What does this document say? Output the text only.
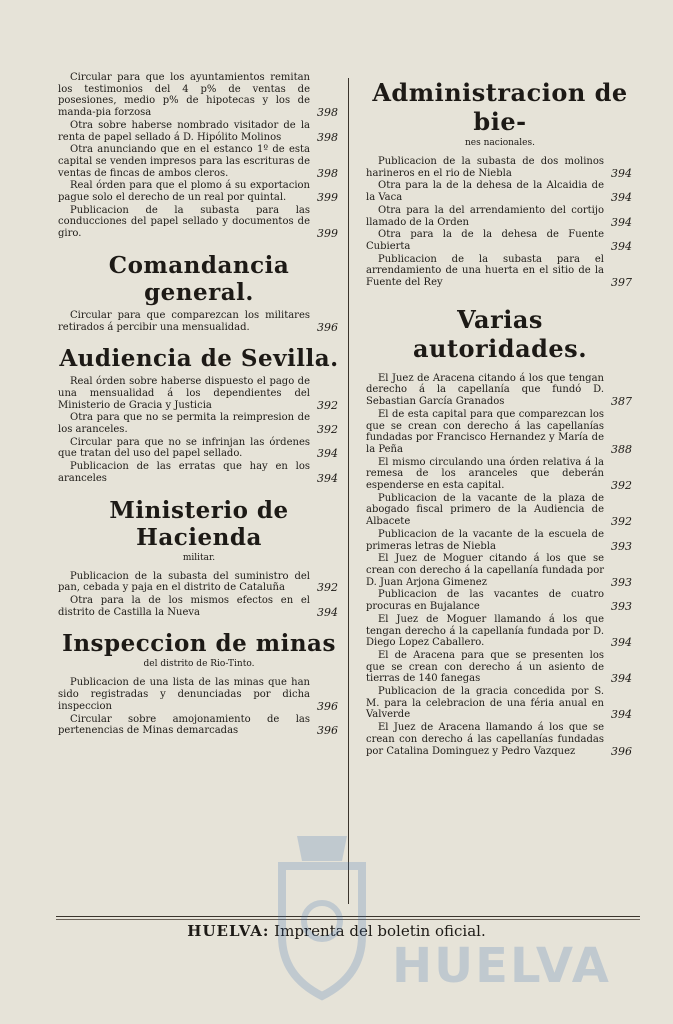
Circular para que los ayuntamientos remitan los testimonios del 4 p% de ventas de posesiones, medio p% de hipotecas y los de manda-pia forzosa	398
Otra sobre haberse nombrado visitador de la renta de papel sellado á D. Hipólito Molinos	398
Otra anunciando que en el estanco 1º de esta capital se venden impresos para las escrituras de ventas de fincas de ambos cleros.	398
Real órden para que el plomo á su exportacion pague solo el derecho de un real por quintal.	399
Publicacion de la subasta para las conducciones del papel sellado y documentos de giro.	399
Comandancia general.
Circular para que comparezcan los militares retirados á percibir una mensualidad.	396
Audiencia de Sevilla.
Real órden sobre haberse dispuesto el pago de una mensualidad á los dependientes del Ministerio de Gracia y Justicia	392
Otra para que no se permita la reimpresion de los aranceles.	392
Circular para que no se infrinjan las órdenes que tratan del uso del papel sellado.	394
Publicacion de las erratas que hay en los aranceles	394
Ministerio de Hacienda
militar.
Publicacion de la subasta del suministro del pan, cebada y paja en el distrito de Cataluña	392
Otra para la de los mismos efectos en el distrito de Castilla la Nueva	394
Inspeccion de minas
del distrito de Rio-Tinto.
Publicacion de una lista de las minas que han sido registradas y denunciadas por dicha inspeccion	396
Circular sobre amojonamiento de las pertenencias de Minas demarcadas	396
Administracion de bie-
nes nacionales.
Publicacion de la subasta de dos molinos harineros en el rio de Niebla	394
Otra para la de la dehesa de la Alcaidia de la Vaca	394
Otra para la del arrendamiento del cortijo llamado de la Orden	394
Otra para la de la dehesa de Fuente Cubierta	394
Publicacion de la subasta para el arrendamiento de una huerta en el sitio de la Fuente del Rey	397
Varias autoridades.
El Juez de Aracena citando á los que tengan derecho á la capellanía que fundó D. Sebastian García Granados	387
El de esta capital para que comparezcan los que se crean con derecho á las capellanías fundadas por Francisco Hernandez y María de la Peña	388
El mismo circulando una órden relativa á la remesa de los aranceles que deberán espenderse en esta capital.	392
Publicacion de la vacante de la plaza de abogado fiscal primero de la Audiencia de Albacete	392
Publicacion de la vacante de la escuela de primeras letras de Niebla	393
El Juez de Moguer citando á los que se crean con derecho á la capellanía fundada por D. Juan Arjona Gimenez	393
Publicacion de las vacantes de cuatro procuras en Bujalance	393
El Juez de Moguer llamando á los que tengan derecho á la capellanía fundada por D. Diego Lopez Caballero.	394
El de Aracena para que se presenten los que se crean con derecho á un asiento de tierras de 140 fanegas	394
Publicacion de la gracia concedida por S. M. para la celebracion de una féria anual en Valverde	394
El Juez de Aracena llamando á los que se crean con derecho á las capellanías fundadas por Catalina Dominguez y Pedro Vazquez	396
HUELVA: Imprenta del boletin oficial.
HUELVA
